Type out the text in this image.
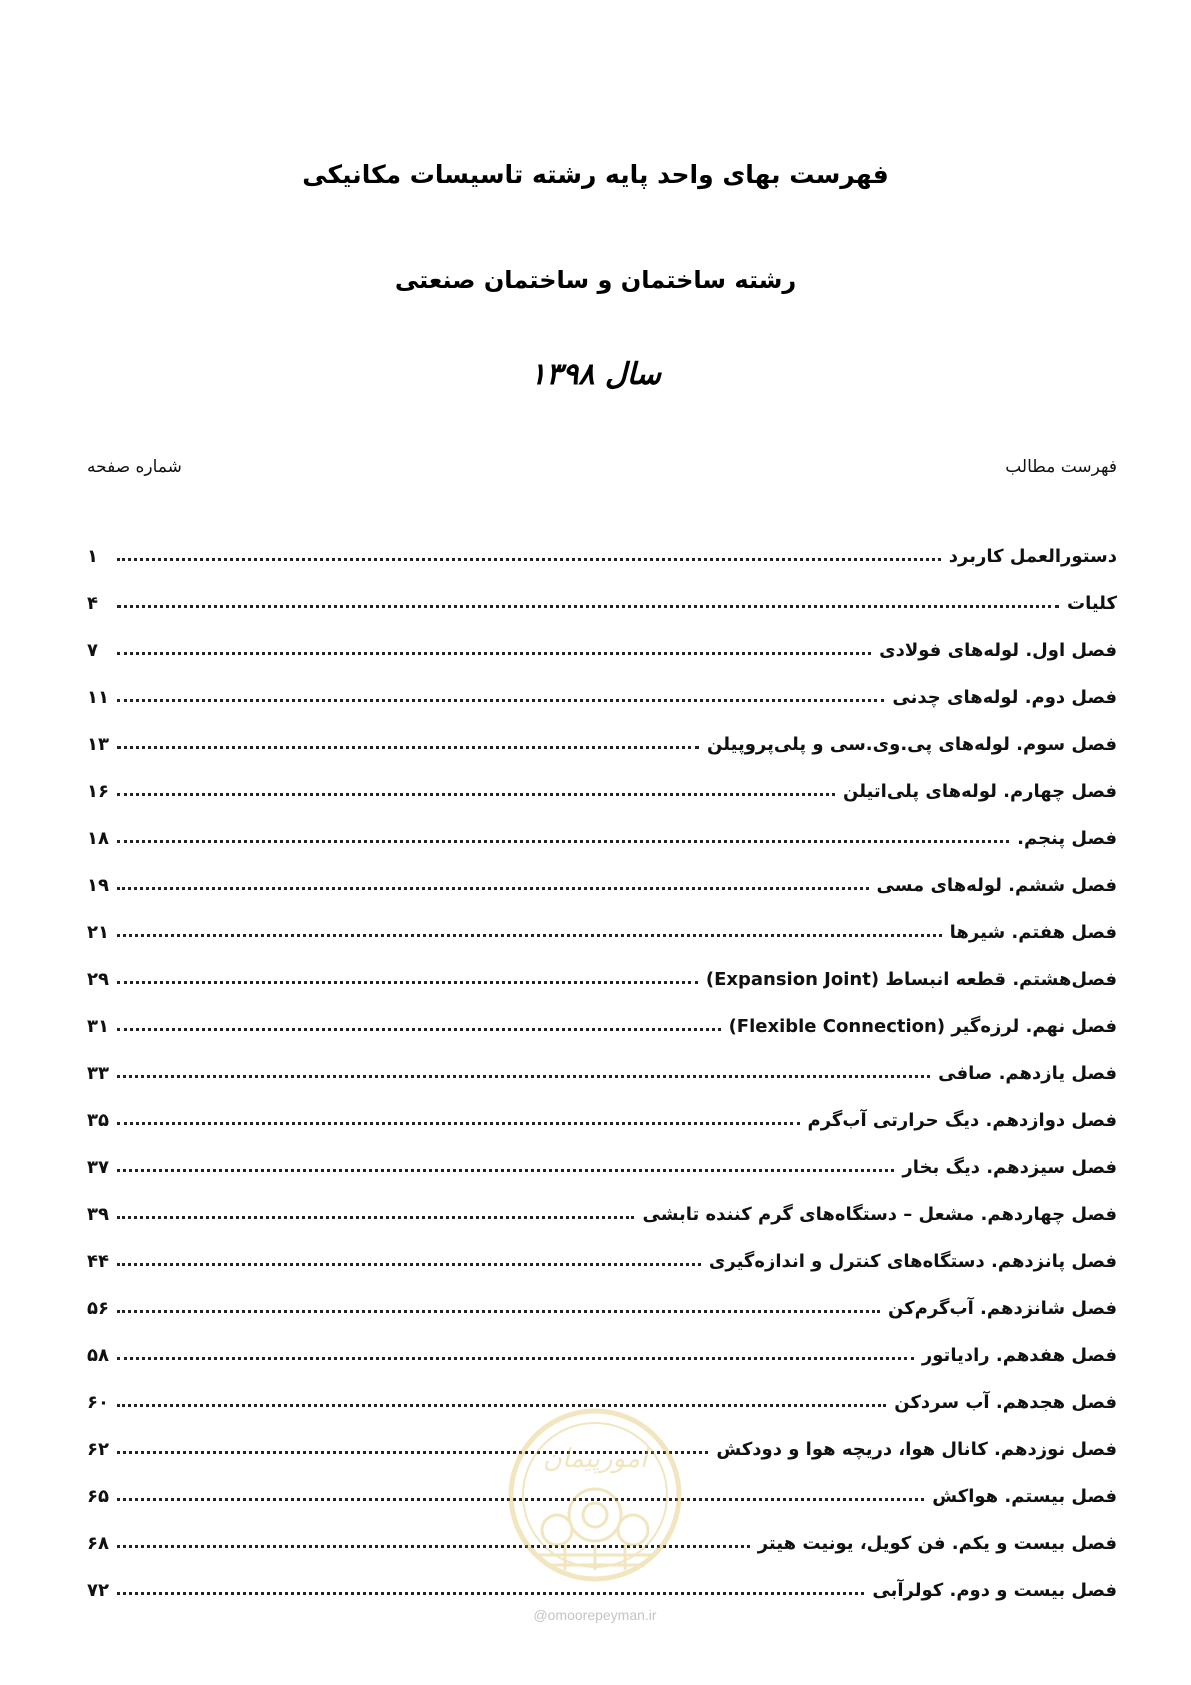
فهرست بهای واحد پایه رشته تاسیسات مکانیکی
رشته ساختمان و ساختمان صنعتی
سال ۱۳۹۸
فهرست مطالب
شماره صفحه
دستورالعمل کاربرد
۱
کلیات
۴
فصل اول. لوله‌های فولادی
۷
فصل دوم. لوله‌های چدنی
۱۱
فصل سوم. لوله‌های پی.وی.سی و پلی‌پروپیلن
۱۳
فصل چهارم. لوله‌های پلی‌اتیلن
۱۶
فصل پنجم.
۱۸
فصل ششم. لوله‌های مسی
۱۹
فصل هفتم. شیرها
۲۱
فصل‌هشتم. قطعه انبساط (Expansion Joint)
۲۹
فصل نهم. لرزه‌گیر (Flexible Connection)
۳۱
فصل یازدهم. صافی
۳۳
فصل دوازدهم. دیگ حرارتی آب‌گرم
۳۵
فصل سیزدهم. دیگ بخار
۳۷
فصل چهاردهم. مشعل – دستگاه‌های گرم کننده تابشی
۳۹
فصل پانزدهم. دستگاه‌های کنترل و اندازه‌گیری
۴۴
فصل شانزدهم. آب‌گرم‌کن
۵۶
فصل هفدهم. رادیاتور
۵۸
فصل هجدهم. آب سردکن
۶۰
فصل نوزدهم. کانال هوا، دریچه هوا و دودکش
۶۲
فصل بیستم. هواکش
۶۵
فصل بیست و یکم. فن کویل، یونیت هیتر
۶۸
فصل بیست و دوم. کولرآبی
۷۲
امورپیمان
@omoorepeyman.ir
